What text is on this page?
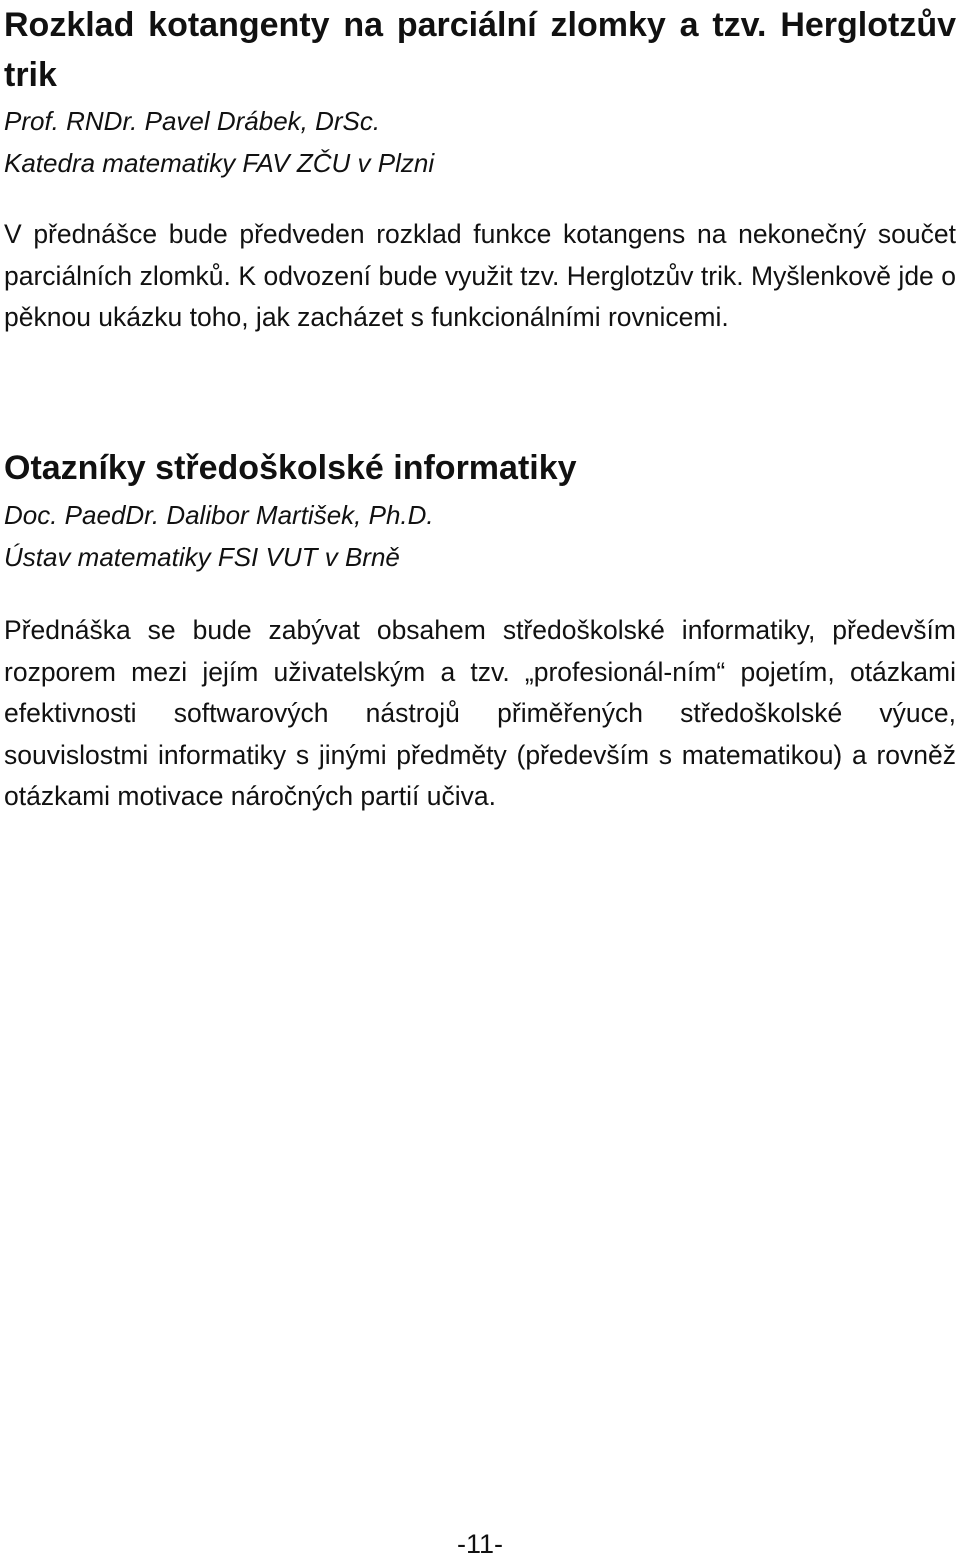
Rozklad kotangenty na parciální zlomky a tzv. Herglotzův trik

Prof. RNDr. Pavel Drábek, DrSc.

Katedra matematiky FAV ZČU v Plzni

V přednášce bude předveden rozklad funkce kotangens na nekonečný součet parciálních zlomků. K odvození bude využit tzv. Herglotzův trik. Myšlenkově jde o pěknou ukázku toho, jak zacházet s funkcionálními rovnicemi.

Otazníky středoškolské informatiky

Doc. PaedDr. Dalibor Martišek, Ph.D.

Ústav matematiky FSI VUT v Brně

Přednáška se bude zabývat obsahem středoškolské informatiky, především rozporem mezi jejím uživatelským a tzv. „profesionál-ním“ pojetím, otázkami efektivnosti softwarových nástrojů přiměřených středoškolské výuce, souvislostmi informatiky s jinými předměty (především s matematikou) a rovněž otázkami motivace náročných partií učiva.

-11-
